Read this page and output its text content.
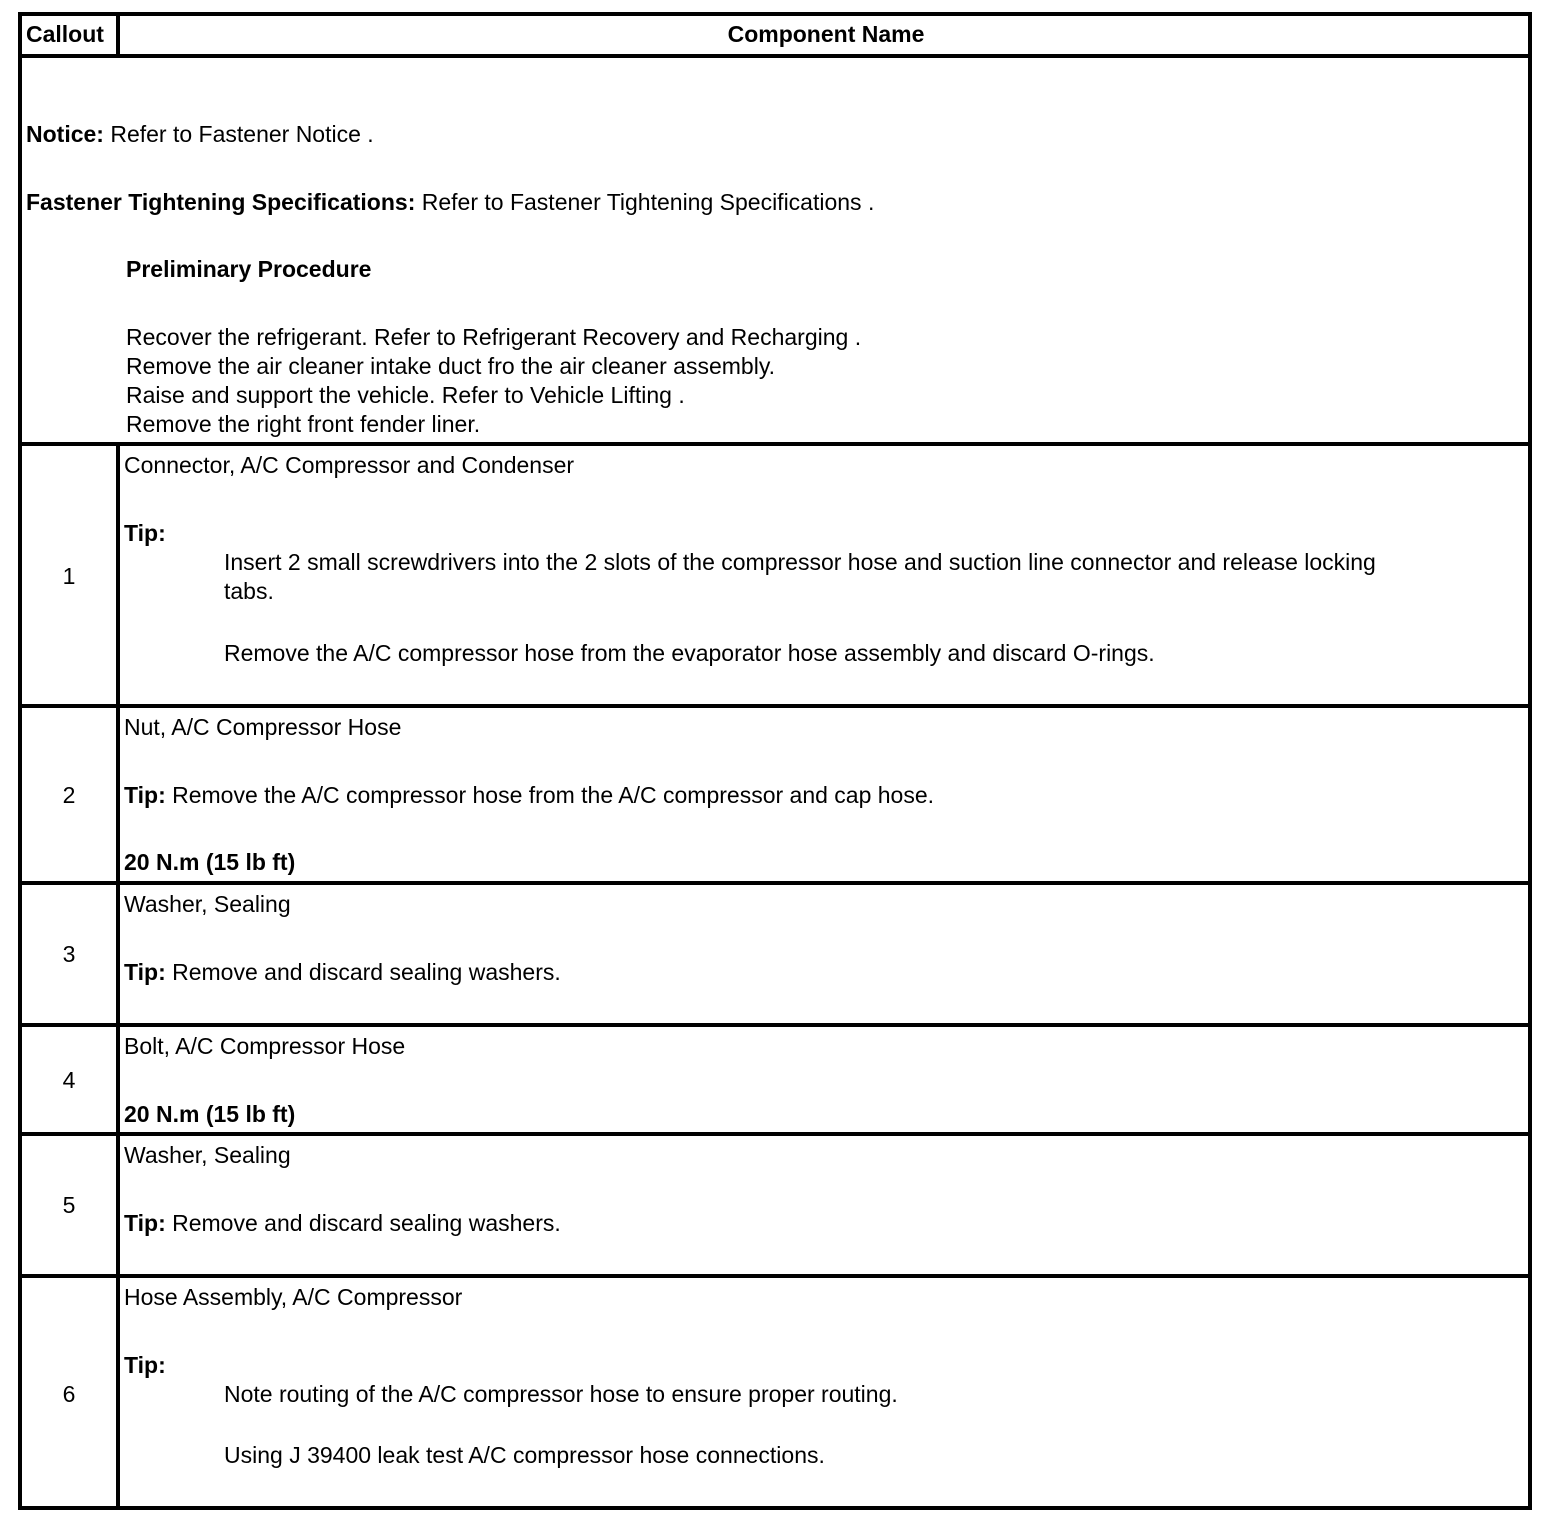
Callout	Component Name
Notice: Refer to Fastener Notice .
Fastener Tightening Specifications: Refer to Fastener Tightening Specifications .
Preliminary Procedure
Recover the refrigerant. Refer to Refrigerant Recovery and Recharging .
Remove the air cleaner intake duct fro the air cleaner assembly.
Raise and support the vehicle. Refer to Vehicle Lifting .
Remove the right front fender liner.
1
Connector, A/C Compressor and Condenser
Tip:
Insert 2 small screwdrivers into the 2 slots of the compressor hose and suction line connector and release locking
tabs.
Remove the A/C compressor hose from the evaporator hose assembly and discard O-rings.
2
Nut, A/C Compressor Hose
Tip: Remove the A/C compressor hose from the A/C compressor and cap hose.
20 N.m (15 lb ft)
3
Washer, Sealing
Tip: Remove and discard sealing washers.
4
Bolt, A/C Compressor Hose
20 N.m (15 lb ft)
5
Washer, Sealing
Tip: Remove and discard sealing washers.
6
Hose Assembly, A/C Compressor
Tip:
Note routing of the A/C compressor hose to ensure proper routing.
Using J 39400 leak test A/C compressor hose connections.
